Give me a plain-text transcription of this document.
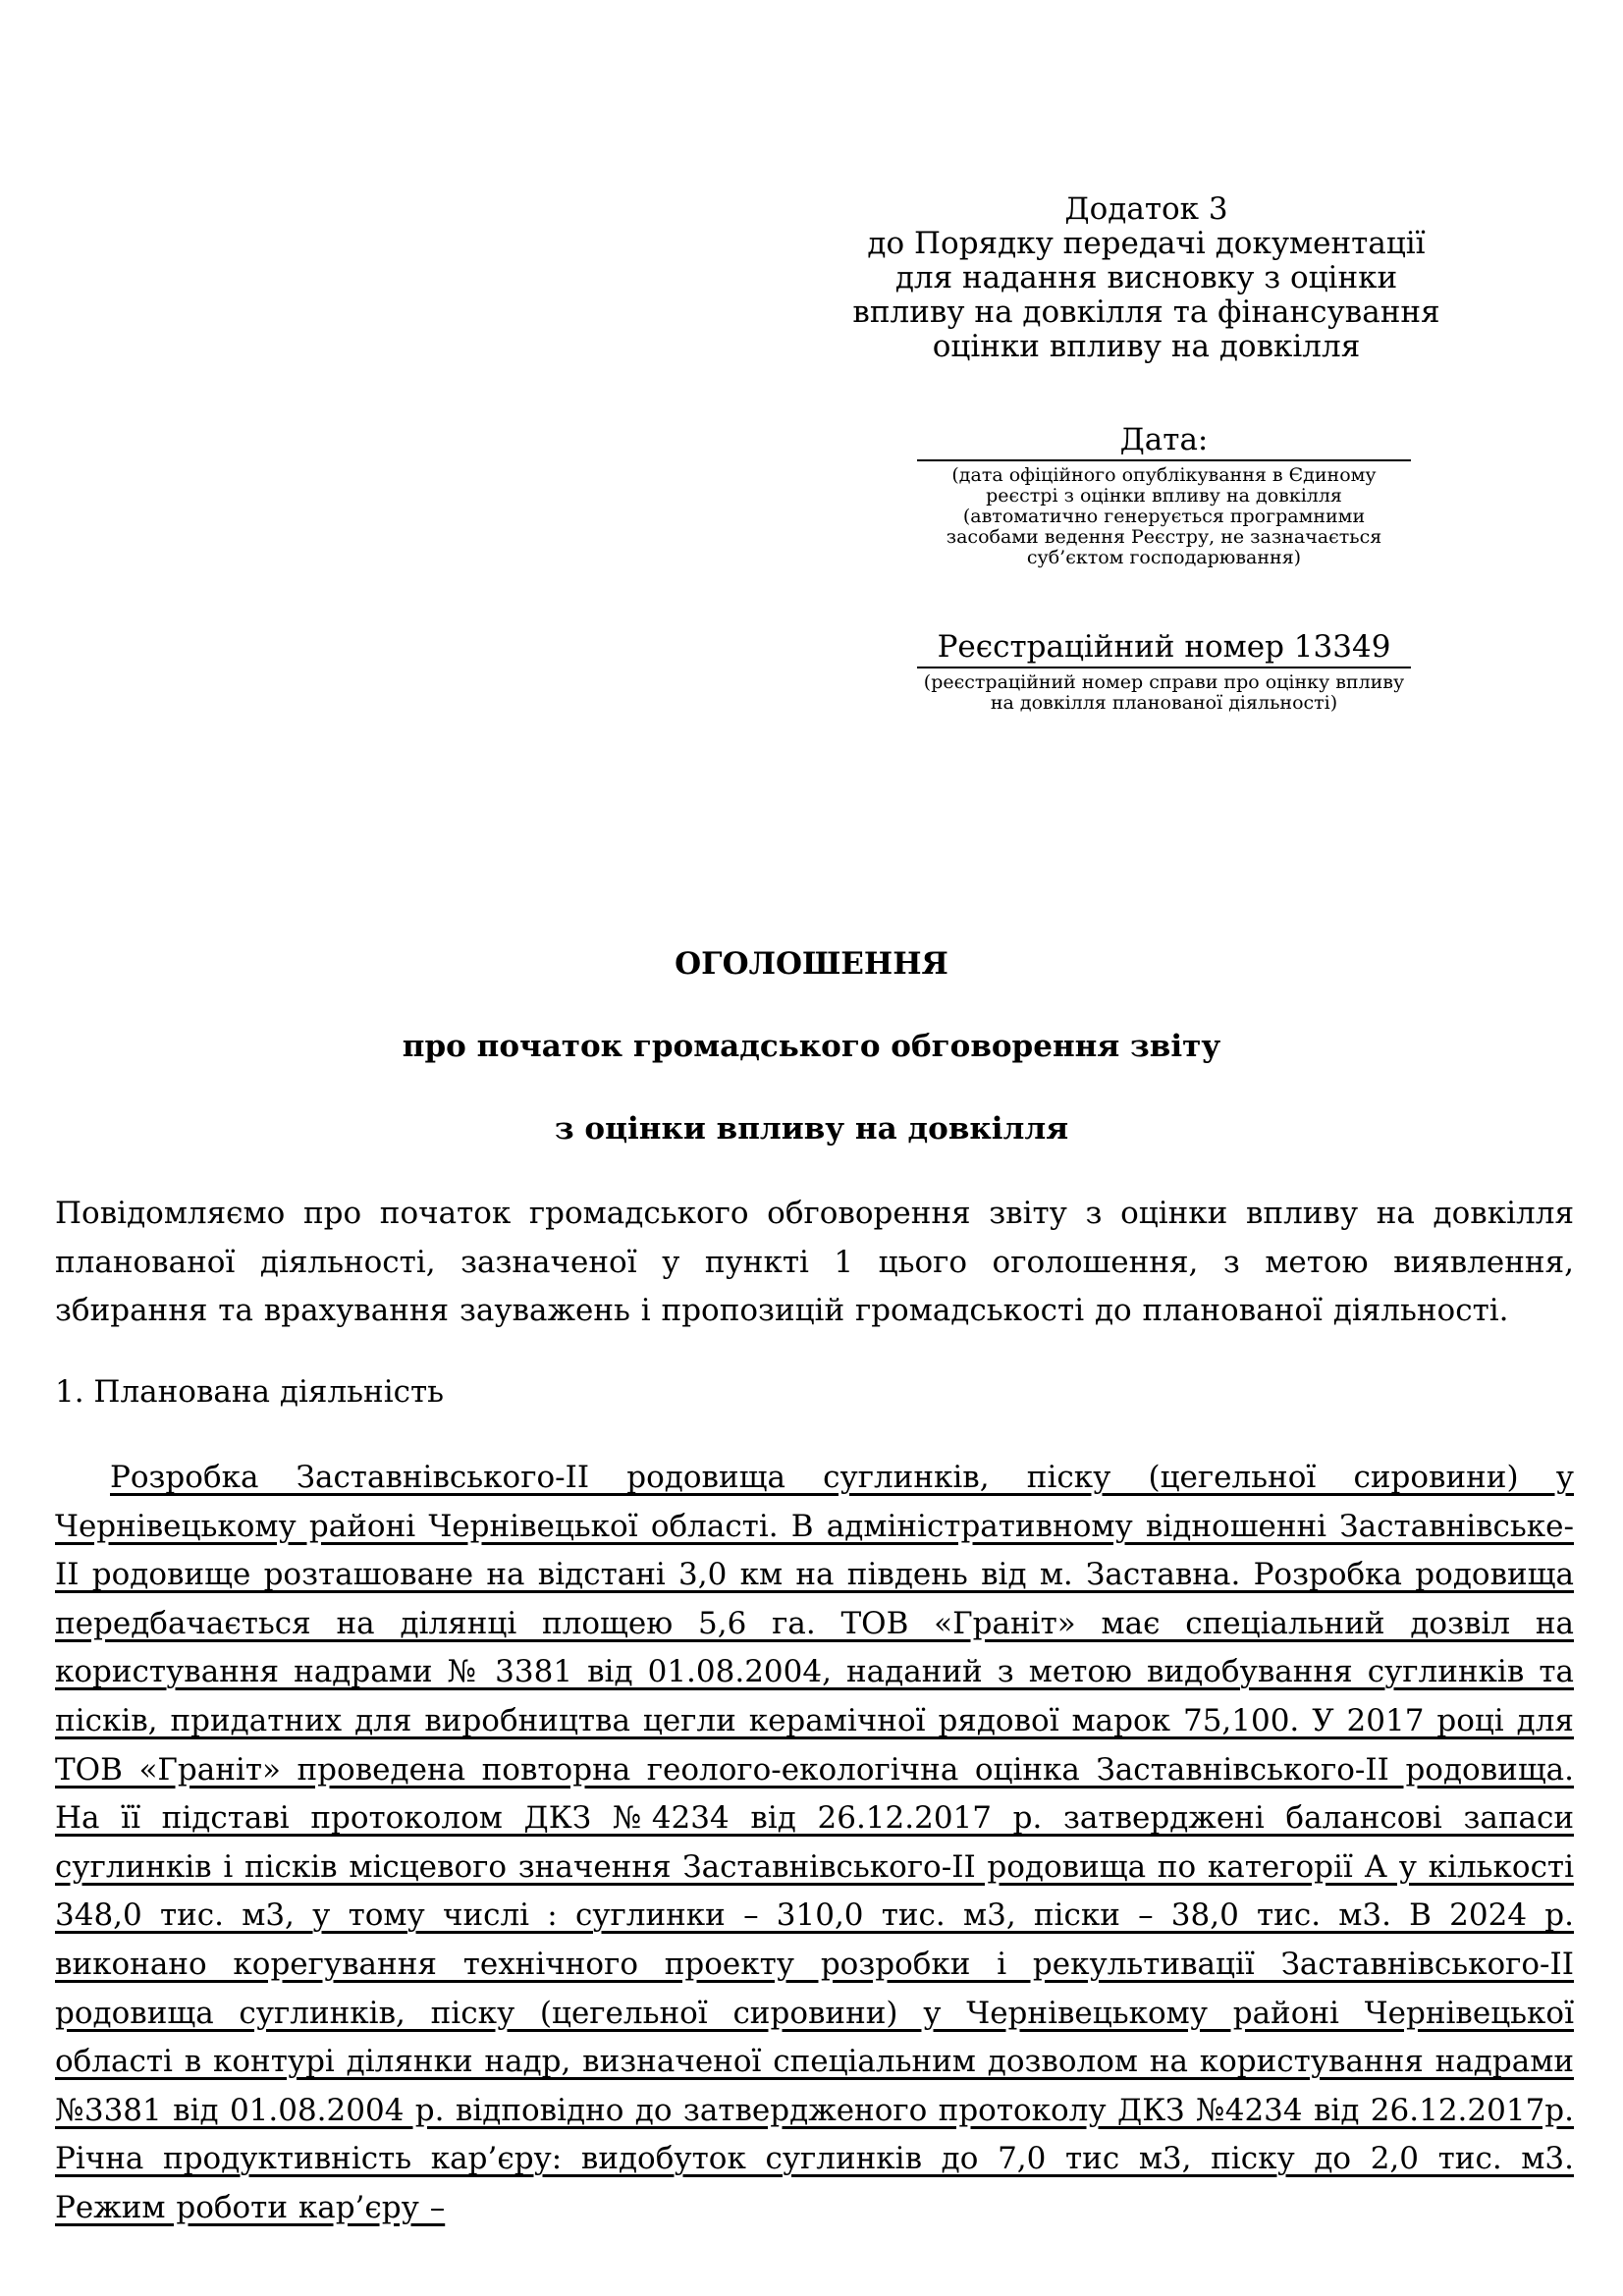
Додаток 3
до Порядку передачі документації для надання висновку з оцінки впливу на довкілля та фінансування оцінки впливу на довкілля
Дата:
(дата офіційного опублікування в Єдиному реєстрі з оцінки впливу на довкілля (автоматично генерується програмними засобами ведення Реєстру, не зазначається суб’єктом господарювання)
Реєстраційний номер 13349
(реєстраційний номер справи про оцінку впливу на довкілля планованої діяльності)
ОГОЛОШЕННЯ
про початок громадського обговорення звіту
з оцінки впливу на довкілля
Повідомляємо про початок громадського обговорення звіту з оцінки впливу на довкілля планованої діяльності, зазначеної у пункті 1 цього оголошення, з метою виявлення, збирання та врахування зауважень і пропозицій громадськості до планованої діяльності.
1. Планована діяльність
Розробка Заставнівського-II родовища суглинків, піску (цегельної сировини) у Чернівецькому районі Чернівецької області. В адміністративному відношенні Заставнівське-II родовище розташоване на відстані 3,0 км на південь від м. Заставна. Розробка родовища передбачається на ділянці площею 5,6 га. ТОВ «Граніт» має спеціальний дозвіл на користування надрами № 3381 від 01.08.2004, наданий з метою видобування суглинків та пісків, придатних для виробництва цегли керамічної рядової марок 75,100. У 2017 році для ТОВ «Граніт» проведена повторна геолого-екологічна оцінка Заставнівського-II родовища. На її підставі протоколом ДКЗ №4234 від 26.12.2017 р. затверджені балансові запаси суглинків і пісків місцевого значення Заставнівського-II родовища по категорії А у кількості 348,0 тис. м3, у тому числі : суглинки – 310,0 тис. м3, піски – 38,0 тис. м3. В 2024 р. виконано корегування технічного проекту розробки і рекультивації Заставнівського-II родовища суглинків, піску (цегельної сировини) у Чернівецькому районі Чернівецької області в контурі ділянки надр, визначеної спеціальним дозволом на користування надрами №3381 від 01.08.2004 р. відповідно до затвердженого протоколу ДКЗ №4234 від 26.12.2017р. Річна продуктивність кар’єру: видобуток суглинків до 7,0 тис м3, піску до 2,0 тис. м3. Режим роботи кар’єру –
